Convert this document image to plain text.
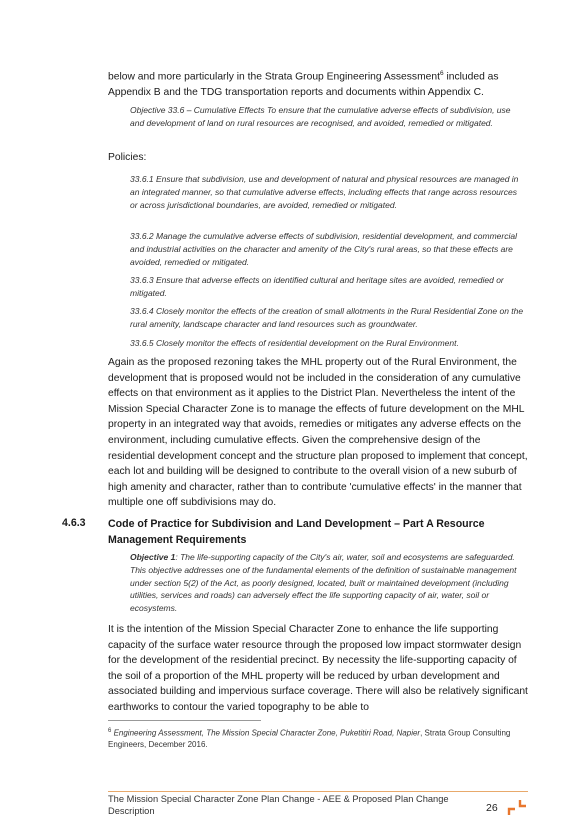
below and more particularly in the Strata Group Engineering Assessment$^6$ included as Appendix B and the TDG transportation reports and documents within Appendix C.

Objective 33.6 – Cumulative Effects To ensure that the cumulative adverse effects of subdivision, use and development of land on rural resources are recognised, and avoided, remedied or mitigated.

Policies:

33.6.1 Ensure that subdivision, use and development of natural and physical resources are managed in an integrated manner, so that cumulative adverse effects, including effects that range across resources or across jurisdictional boundaries, are avoided, remedied or mitigated.

33.6.2 Manage the cumulative adverse effects of subdivision, residential development, and commercial and industrial activities on the character and amenity of the City's rural areas, so that these effects are avoided, remedied or mitigated.

33.6.3 Ensure that adverse effects on identified cultural and heritage sites are avoided, remedied or mitigated.

33.6.4 Closely monitor the effects of the creation of small allotments in the Rural Residential Zone on the rural amenity, landscape character and land resources such as groundwater.

33.6.5 Closely monitor the effects of residential development on the Rural Environment.

Again as the proposed rezoning takes the MHL property out of the Rural Environment, the development that is proposed would not be included in the consideration of any cumulative effects on that environment as it applies to the District Plan. Nevertheless the intent of the Mission Special Character Zone is to manage the effects of future development on the MHL property in an integrated way that avoids, remedies or mitigates any adverse effects on the environment, including cumulative effects. Given the comprehensive design of the residential development concept and the structure plan proposed to implement that concept, each lot and building will be designed to contribute to the overall vision of a new suburb of high amenity and character, rather than to contribute 'cumulative effects' in the manner that multiple one off subdivisions may do.

4.6.3 Code of Practice for Subdivision and Land Development – Part A Resource Management Requirements

Objective 1: The life-supporting capacity of the City's air, water, soil and ecosystems are safeguarded. This objective addresses one of the fundamental elements of the definition of sustainable management under section 5(2) of the Act, as poorly designed, located, built or maintained development (including utilities, services and roads) can adversely effect the life supporting capacity of air, water, soil or ecosystems.

It is the intention of the Mission Special Character Zone to enhance the life supporting capacity of the surface water resource through the proposed low impact stormwater design for the development of the residential precinct. By necessity the life-supporting capacity of the soil of a proportion of the MHL property will be reduced by urban development and associated building and impervious surface coverage. There will also be relatively significant earthworks to contour the varied topography to be able to

$^6$ Engineering Assessment, The Mission Special Character Zone, Puketitiri Road, Napier, Strata Group Consulting Engineers, December 2016.

The Mission Special Character Zone Plan Change - AEE & Proposed Plan Change Description	26
